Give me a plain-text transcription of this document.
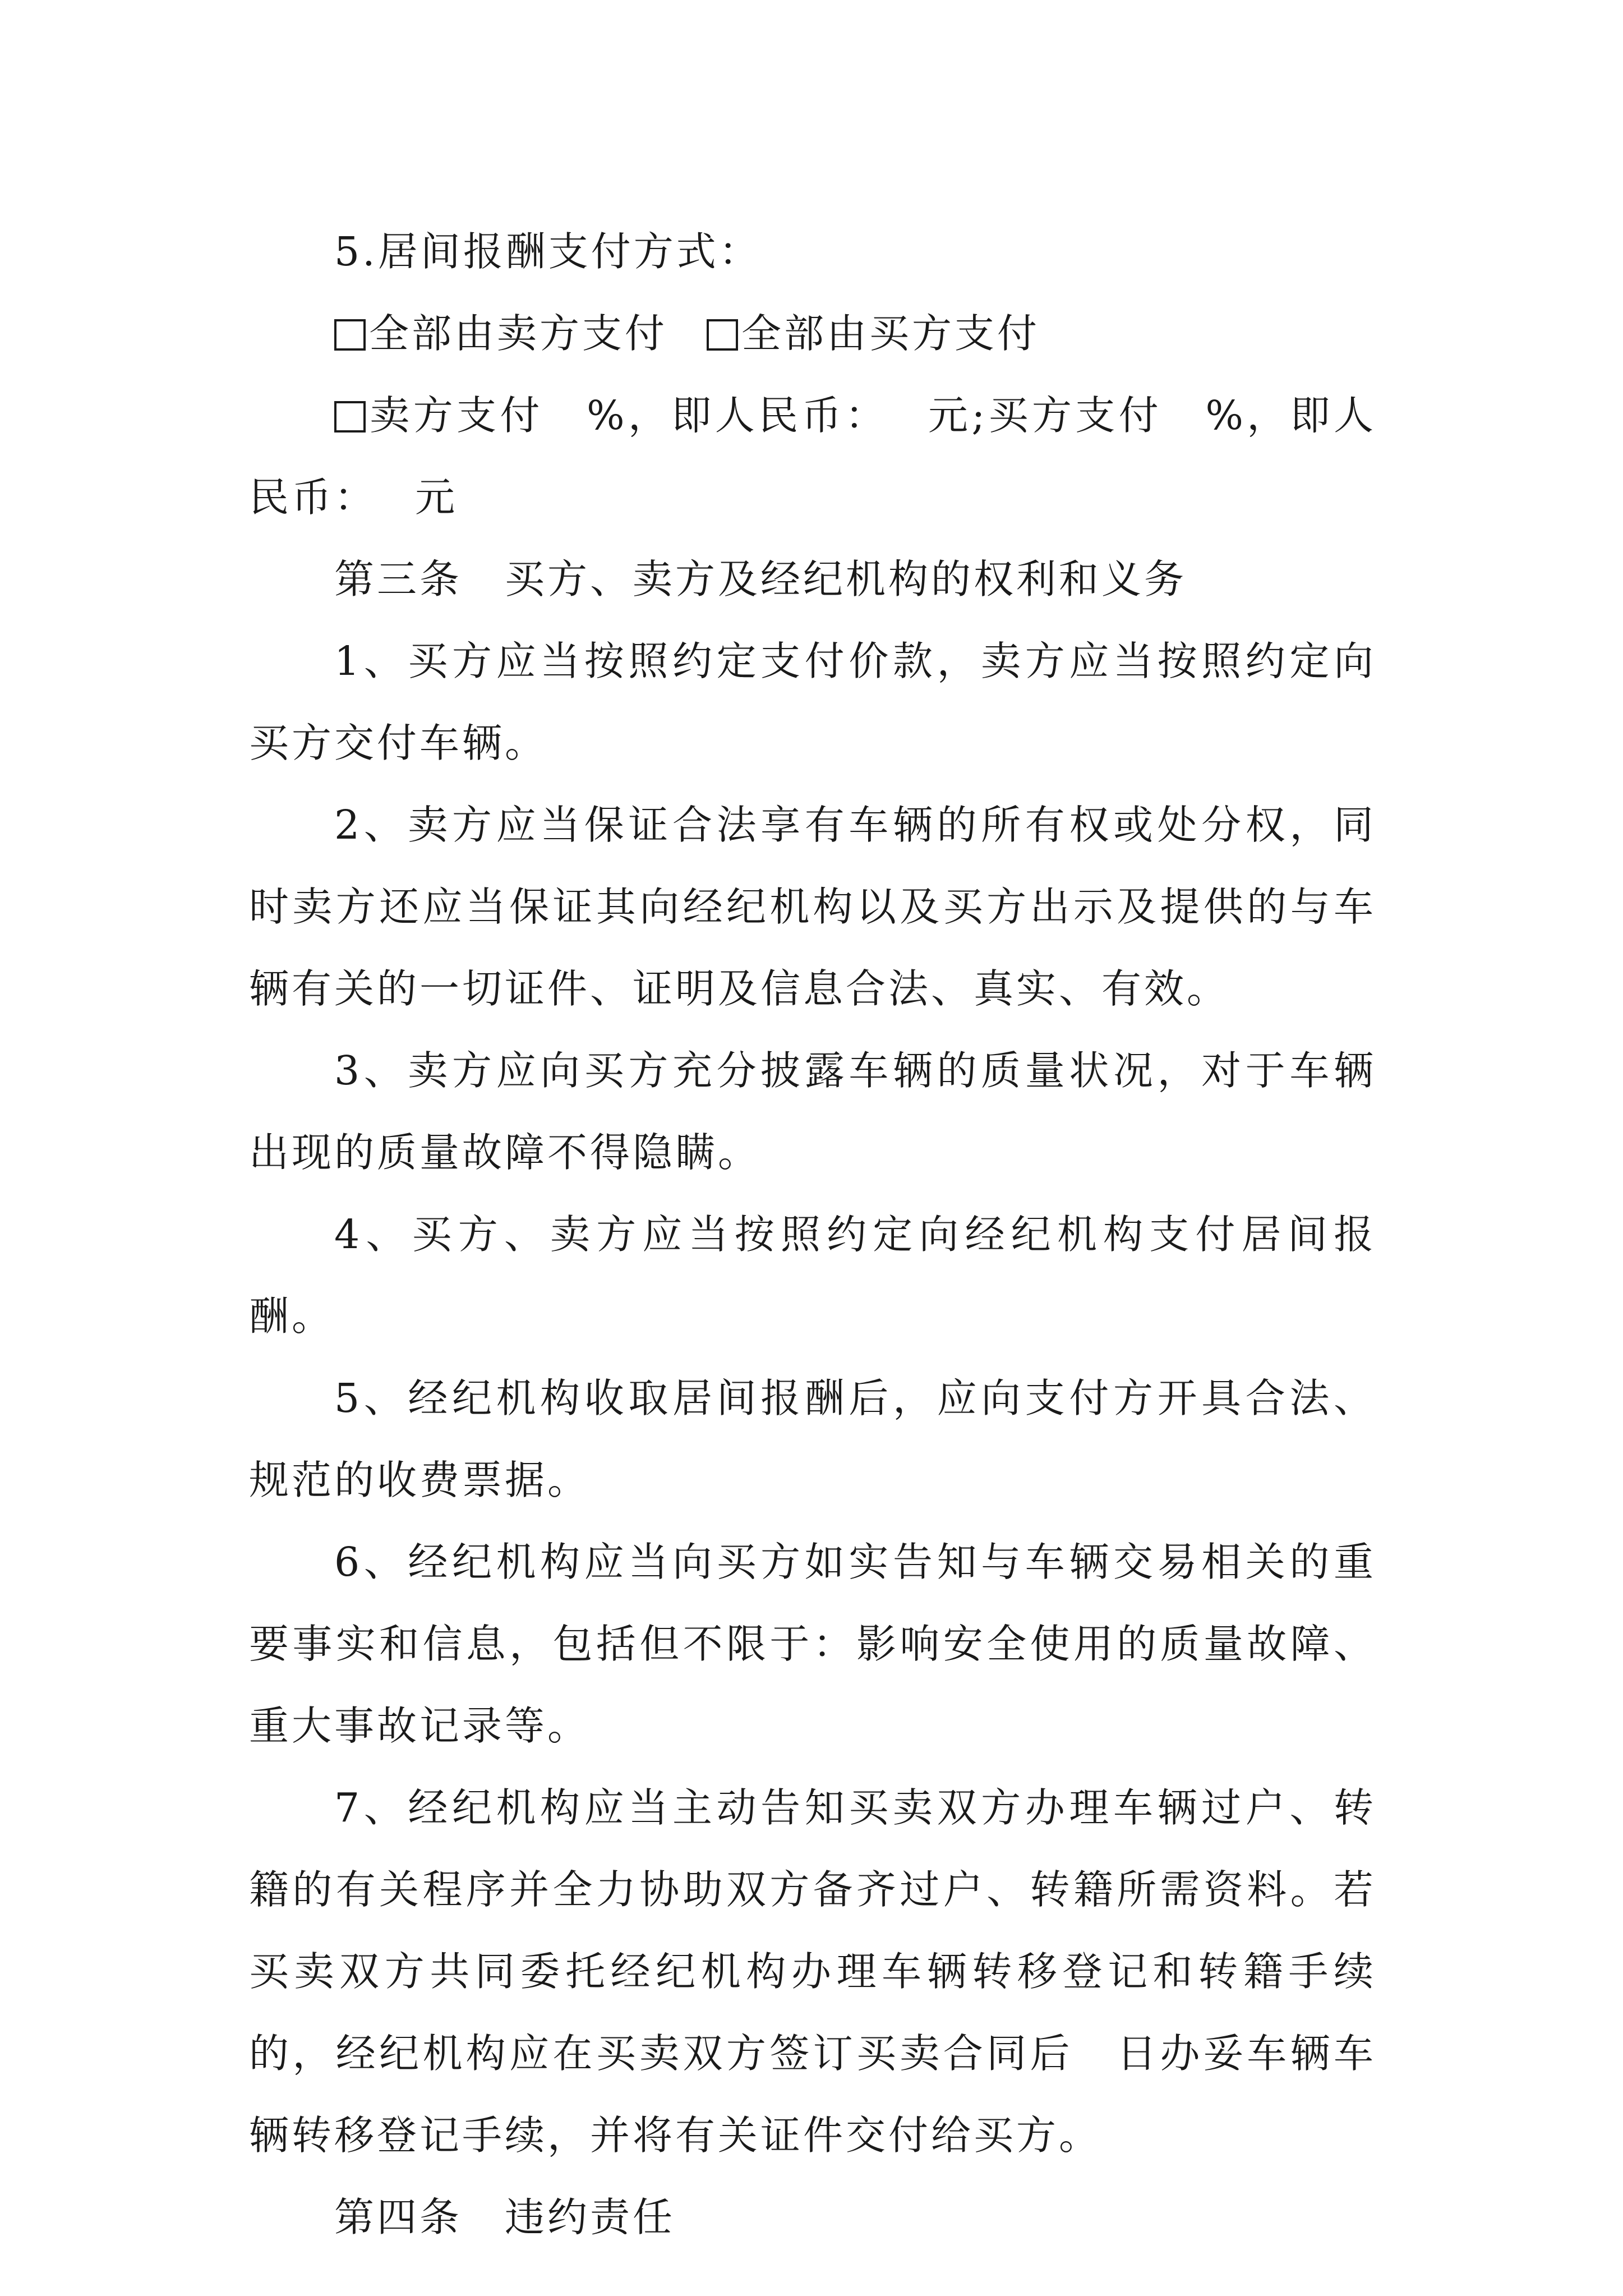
5.居间报酬支付方式：

全部由卖方支付 全部由买方支付

卖方支付　%，即人民币：　 元;买方支付　%，即人民币：　 元

第三条　买方、卖方及经纪机构的权利和义务

1、买方应当按照约定支付价款，卖方应当按照约定向买方交付车辆。

2、卖方应当保证合法享有车辆的所有权或处分权，同时卖方还应当保证其向经纪机构以及买方出示及提供的与车辆有关的一切证件、证明及信息合法、真实、有效。

3、卖方应向买方充分披露车辆的质量状况，对于车辆出现的质量故障不得隐瞒。

4、买方、卖方应当按照约定向经纪机构支付居间报酬。

5、经纪机构收取居间报酬后，应向支付方开具合法、规范的收费票据。

6、经纪机构应当向买方如实告知与车辆交易相关的重要事实和信息，包括但不限于：影响安全使用的质量故障、重大事故记录等。

7、经纪机构应当主动告知买卖双方办理车辆过户、转籍的有关程序并全力协助双方备齐过户、转籍所需资料。若买卖双方共同委托经纪机构办理车辆转移登记和转籍手续的，经纪机构应在买卖双方签订买卖合同后　日办妥车辆车辆转移登记手续，并将有关证件交付给买方。

第四条　违约责任
